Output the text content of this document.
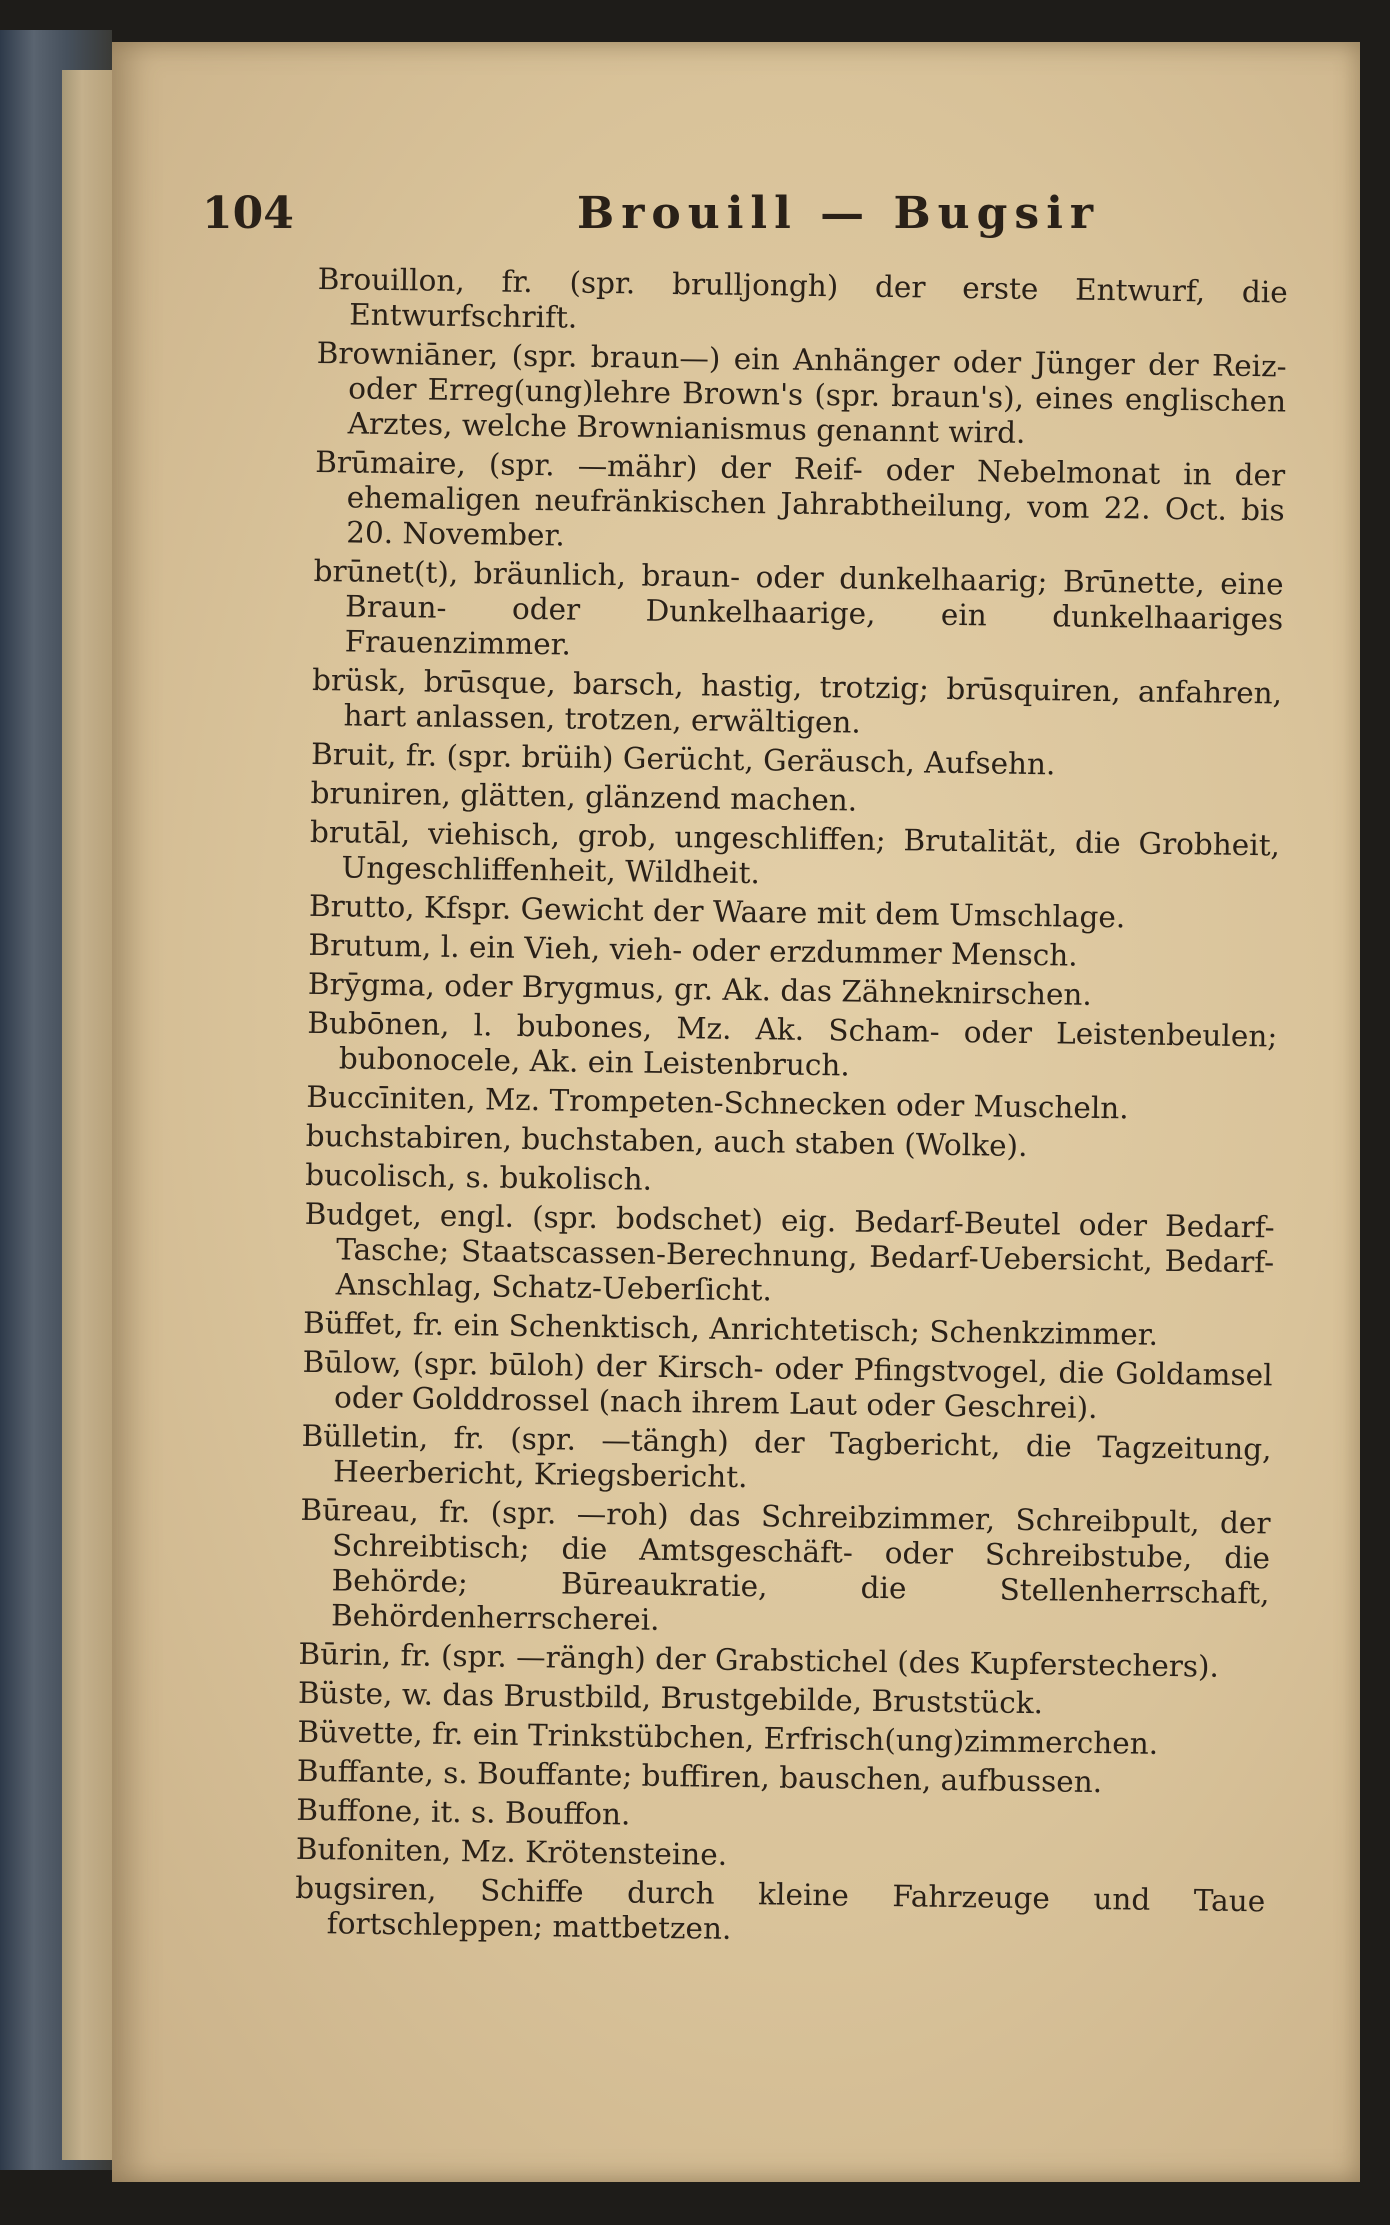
104	Brouill — Bugsir

Brouillon, fr. (spr. brulljongh) der erste Entwurf, die Entwurfschrift.

Browniāner, (spr. braun—) ein Anhänger oder Jünger der Reiz- oder Erreg(ung)lehre Brown's (spr. braun's), eines englischen Arztes, welche Brownianismus genannt wird.

Brūmaire, (spr. —mähr) der Reif- oder Nebelmonat in der ehemaligen neufränkischen Jahrabtheilung, vom 22. Oct. bis 20. November.

brūnet(t), bräunlich, braun- oder dunkelhaarig; Brūnette, eine Braun- oder Dunkelhaarige, ein dunkelhaariges Frauenzimmer.

brüsk, brūsque, barsch, hastig, trotzig; brūsquiren, anfahren, hart anlassen, trotzen, erwältigen.

Bruit, fr. (spr. brüih) Gerücht, Geräusch, Aufsehn.

bruniren, glätten, glänzend machen.

brutāl, viehisch, grob, ungeschliffen; Brutalität, die Grobheit, Ungeschliffenheit, Wildheit.

Brutto, Kfspr. Gewicht der Waare mit dem Umschlage.

Brutum, l. ein Vieh, vieh- oder erzdummer Mensch.

Brӯgma, oder Brygmus, gr. Ak. das Zähneknirschen.

Bubōnen, l. bubones, Mz. Ak. Scham- oder Leistenbeulen; bubonocele, Ak. ein Leistenbruch.

Buccīniten, Mz. Trompeten-Schnecken oder Muscheln.

buchstabiren, buchstaben, auch staben (Wolke).

bucolisch, s. bukolisch.

Budget, engl. (spr. bodschet) eig. Bedarf-Beutel oder Bedarf-Tasche; Staatscassen-Berechnung, Bedarf-Uebersicht, Bedarf-Anschlag, Schatz-Ueberſicht.

Büffet, fr. ein Schenktisch, Anrichtetisch; Schenkzimmer.

Būlow, (spr. būloh) der Kirsch- oder Pfingstvogel, die Goldamsel oder Golddrossel (nach ihrem Laut oder Geschrei).

Bülletin, fr. (spr. —tängh) der Tagbericht, die Tagzeitung, Heerbericht, Kriegsbericht.

Būreau, fr. (spr. —roh) das Schreibzimmer, Schreibpult, der Schreibtisch; die Amtsgeschäft- oder Schreibstube, die Behörde; Būreaukratie, die Stellenherrschaft, Behördenherrscherei.

Būrin, fr. (spr. —rängh) der Grabstichel (des Kupferstechers).

Büste, w. das Brustbild, Brustgebilde, Bruststück.

Büvette, fr. ein Trinkstübchen, Erfrisch(ung)zimmerchen.

Buffante, s. Bouffante; buffiren, bauschen, aufbussen.

Buffone, it. s. Bouffon.

Bufoniten, Mz. Krötensteine.

bugsiren, Schiffe durch kleine Fahrzeuge und Taue fortschleppen; mattbetzen.
